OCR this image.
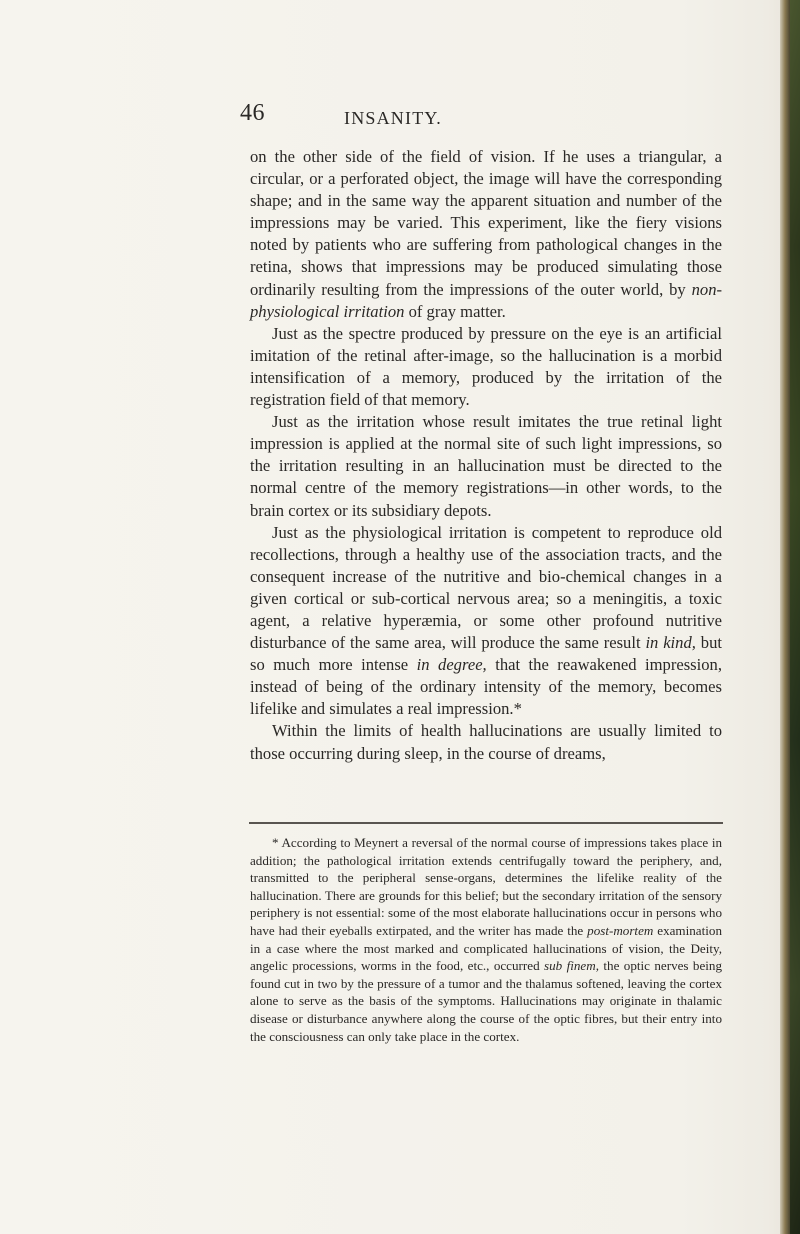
46	INSANITY.

on the other side of the field of vision. If he uses a triangular, a circular, or a perforated object, the image will have the corresponding shape; and in the same way the apparent situation and number of the impressions may be varied. This experiment, like the fiery visions noted by patients who are suffering from pathological changes in the retina, shows that impressions may be produced simulating those ordinarily resulting from the impressions of the outer world, by non-physiological irritation of gray matter.

Just as the spectre produced by pressure on the eye is an artificial imitation of the retinal after-image, so the hallucination is a morbid intensification of a memory, produced by the irritation of the registration field of that memory.

Just as the irritation whose result imitates the true retinal light impression is applied at the normal site of such light impressions, so the irritation resulting in an hallucination must be directed to the normal centre of the memory registrations—in other words, to the brain cortex or its subsidiary depots.

Just as the physiological irritation is competent to reproduce old recollections, through a healthy use of the association tracts, and the consequent increase of the nutritive and bio-chemical changes in a given cortical or sub-cortical nervous area; so a meningitis, a toxic agent, a relative hyperæmia, or some other profound nutritive disturbance of the same area, will produce the same result in kind, but so much more intense in degree, that the reawakened impression, instead of being of the ordinary intensity of the memory, becomes lifelike and simulates a real impression.*

Within the limits of health hallucinations are usually limited to those occurring during sleep, in the course of dreams,

* According to Meynert a reversal of the normal course of impressions takes place in addition; the pathological irritation extends centrifugally toward the periphery, and, transmitted to the peripheral sense-organs, determines the lifelike reality of the hallucination. There are grounds for this belief; but the secondary irritation of the sensory periphery is not essential: some of the most elaborate hallucinations occur in persons who have had their eyeballs extirpated, and the writer has made the post-mortem examination in a case where the most marked and complicated hallucinations of vision, the Deity, angelic processions, worms in the food, etc., occurred sub finem, the optic nerves being found cut in two by the pressure of a tumor and the thalamus softened, leaving the cortex alone to serve as the basis of the symptoms. Hallucinations may originate in thalamic disease or disturbance anywhere along the course of the optic fibres, but their entry into the consciousness can only take place in the cortex.
